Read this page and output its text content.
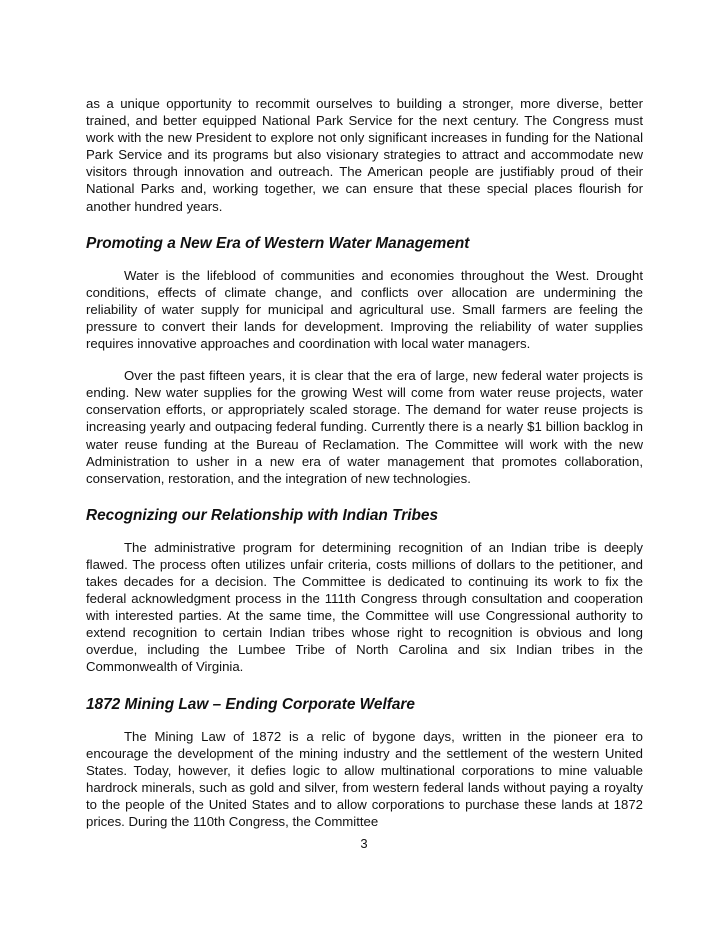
as a unique opportunity to recommit ourselves to building a stronger, more diverse, better trained, and better equipped National Park Service for the next century. The Congress must work with the new President to explore not only significant increases in funding for the National Park Service and its programs but also visionary strategies to attract and accommodate new visitors through innovation and outreach. The American people are justifiably proud of their National Parks and, working together, we can ensure that these special places flourish for another hundred years.

Promoting a New Era of Western Water Management

Water is the lifeblood of communities and economies throughout the West. Drought conditions, effects of climate change, and conflicts over allocation are undermining the reliability of water supply for municipal and agricultural use. Small farmers are feeling the pressure to convert their lands for development. Improving the reliability of water supplies requires innovative approaches and coordination with local water managers.

Over the past fifteen years, it is clear that the era of large, new federal water projects is ending. New water supplies for the growing West will come from water reuse projects, water conservation efforts, or appropriately scaled storage. The demand for water reuse projects is increasing yearly and outpacing federal funding. Currently there is a nearly $1 billion backlog in water reuse funding at the Bureau of Reclamation. The Committee will work with the new Administration to usher in a new era of water management that promotes collaboration, conservation, restoration, and the integration of new technologies.

Recognizing our Relationship with Indian Tribes

The administrative program for determining recognition of an Indian tribe is deeply flawed. The process often utilizes unfair criteria, costs millions of dollars to the petitioner, and takes decades for a decision. The Committee is dedicated to continuing its work to fix the federal acknowledgment process in the 111th Congress through consultation and cooperation with interested parties. At the same time, the Committee will use Congressional authority to extend recognition to certain Indian tribes whose right to recognition is obvious and long overdue, including the Lumbee Tribe of North Carolina and six Indian tribes in the Commonwealth of Virginia.

1872 Mining Law – Ending Corporate Welfare

The Mining Law of 1872 is a relic of bygone days, written in the pioneer era to encourage the development of the mining industry and the settlement of the western United States. Today, however, it defies logic to allow multinational corporations to mine valuable hardrock minerals, such as gold and silver, from western federal lands without paying a royalty to the people of the United States and to allow corporations to purchase these lands at 1872 prices. During the 110th Congress, the Committee

3
